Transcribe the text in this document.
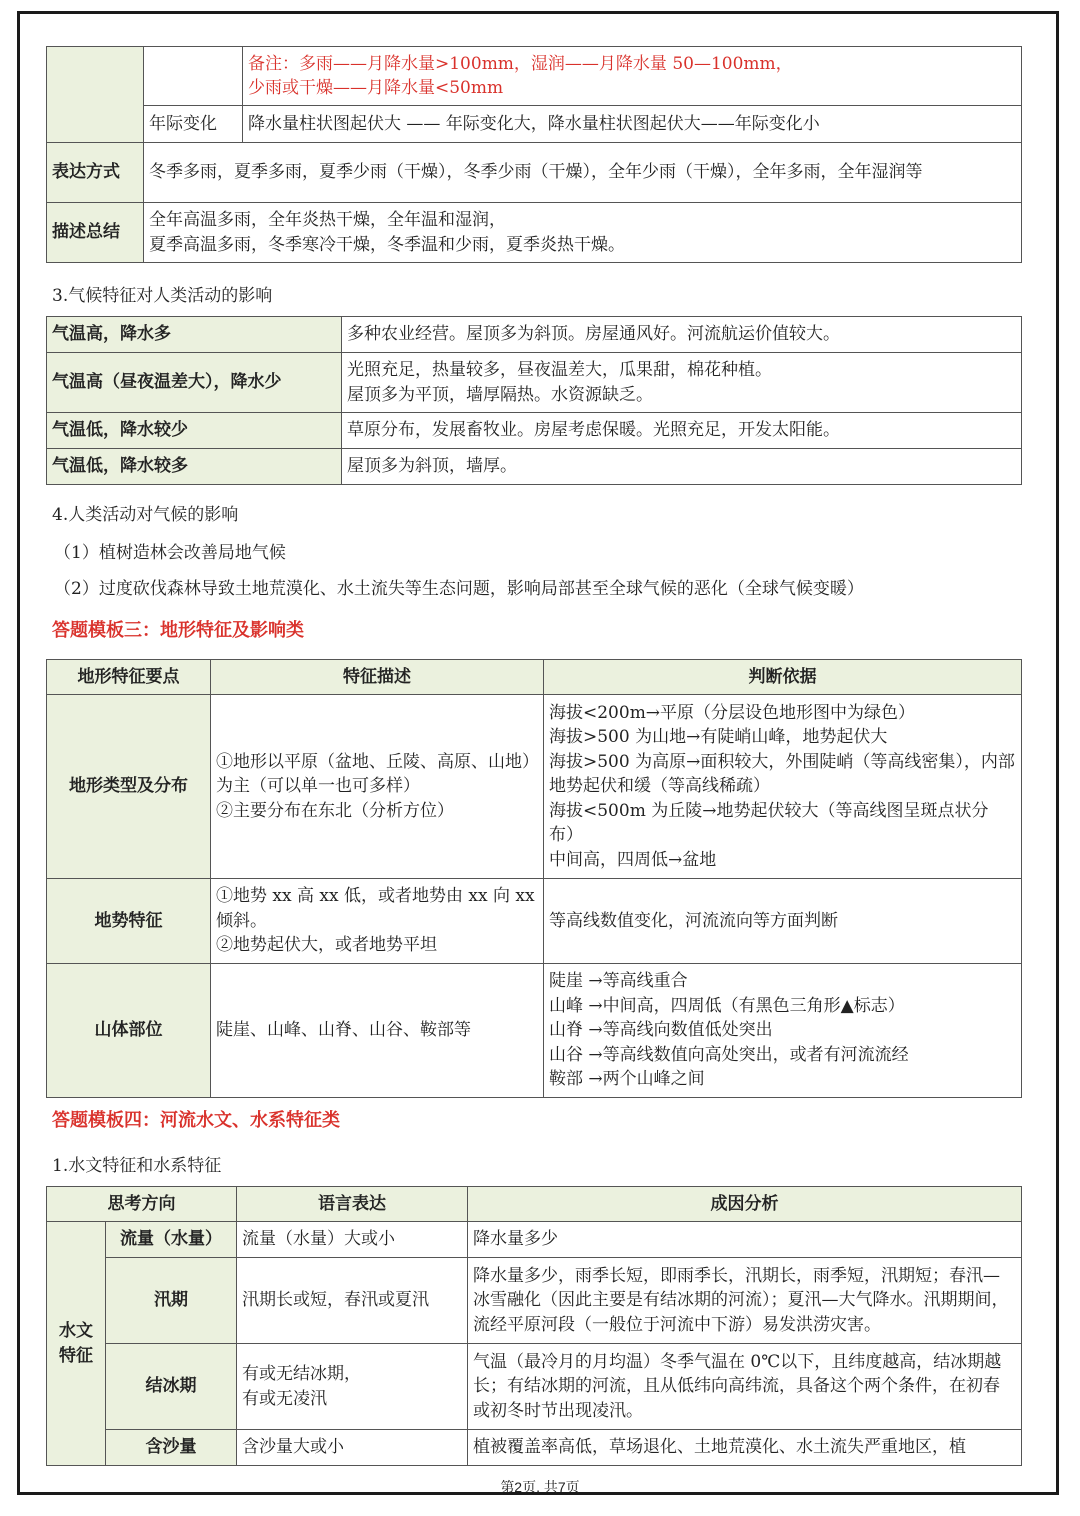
		备注：多雨——月降水量>100mm，湿润——月降水量 50—100mm，
少雨或干燥——月降水量<50mm

	年际变化	降水量柱状图起伏大 —— 年际变化大，降水量柱状图起伏大——年际变化小
表达方式	冬季多雨，夏季多雨，夏季少雨（干燥），冬季少雨（干燥），全年少雨（干燥），全年多雨，全年湿润等	
描述总结	全年高温多雨，全年炎热干燥，全年温和湿润，
夏季高温多雨，冬季寒冷干燥，冬季温和少雨，夏季炎热干燥。	
3.气候特征对人类活动的影响
气温高，降水多	多种农业经营。屋顶多为斜顶。房屋通风好。河流航运价值较大。

气温高（昼夜温差大），降水少	光照充足，热量较多，昼夜温差大，瓜果甜，棉花种植。
屋顶多为平顶，墙厚隔热。水资源缺乏。

气温低，降水较少	草原分布，发展畜牧业。房屋考虑保暖。光照充足，开发太阳能。

气温低，降水较多	屋顶多为斜顶，墙厚。
4.人类活动对气候的影响
（1）植树造林会改善局地气候
（2）过度砍伐森林导致土地荒漠化、水土流失等生态问题，影响局部甚至全球气候的恶化（全球气候变暖）
答题模板三：地形特征及影响类
地形特征要点	特征描述	判断依据
地形类型及分布	①地形以平原（盆地、丘陵、高原、山地）为主（可以单一也可多样）
②主要分布在东北（分析方位）	海拔<200m→平原（分层设色地形图中为绿色）
海拔>500 为山地→有陡峭山峰，地势起伏大
海拔>500 为高原→面积较大，外围陡峭（等高线密集），内部地势起伏和缓（等高线稀疏）
海拔<500m 为丘陵→地势起伏较大（等高线图呈斑点状分布）
中间高，四周低→盆地
地势特征	①地势 xx 高 xx 低，或者地势由 xx 向 xx 倾斜。
②地势起伏大，或者地势平坦	等高线数值变化，河流流向等方面判断
山体部位	陡崖、山峰、山脊、山谷、鞍部等	陡崖 →等高线重合
山峰 →中间高，四周低（有黑色三角形▲标志）
山脊 →等高线向数值低处突出
山谷 →等高线数值向高处突出，或者有河流流经
鞍部 →两个山峰之间
答题模板四：河流水文、水系特征类
1.水文特征和水系特征
思考方向		语言表达	成因分析
水文
特征	流量（水量）	流量（水量）大或小	降水量多少
	汛期	汛期长或短，春汛或夏汛	降水量多少，雨季长短，即雨季长，汛期长，雨季短，汛期短；春汛—冰雪融化（因此主要是有结冰期的河流）；夏汛—大气降水。汛期期间，流经平原河段（一般位于河流中下游）易发洪涝灾害。
	结冰期	有或无结冰期，
有或无凌汛	气温（最冷月的月均温）冬季气温在 0℃以下，且纬度越高，结冰期越长；有结冰期的河流，且从低纬向高纬流，具备这个两个条件，在初春或初冬时节出现凌汛。
	含沙量	含沙量大或小	植被覆盖率高低，草场退化、土地荒漠化、水土流失严重地区，植
第2页, 共7页
